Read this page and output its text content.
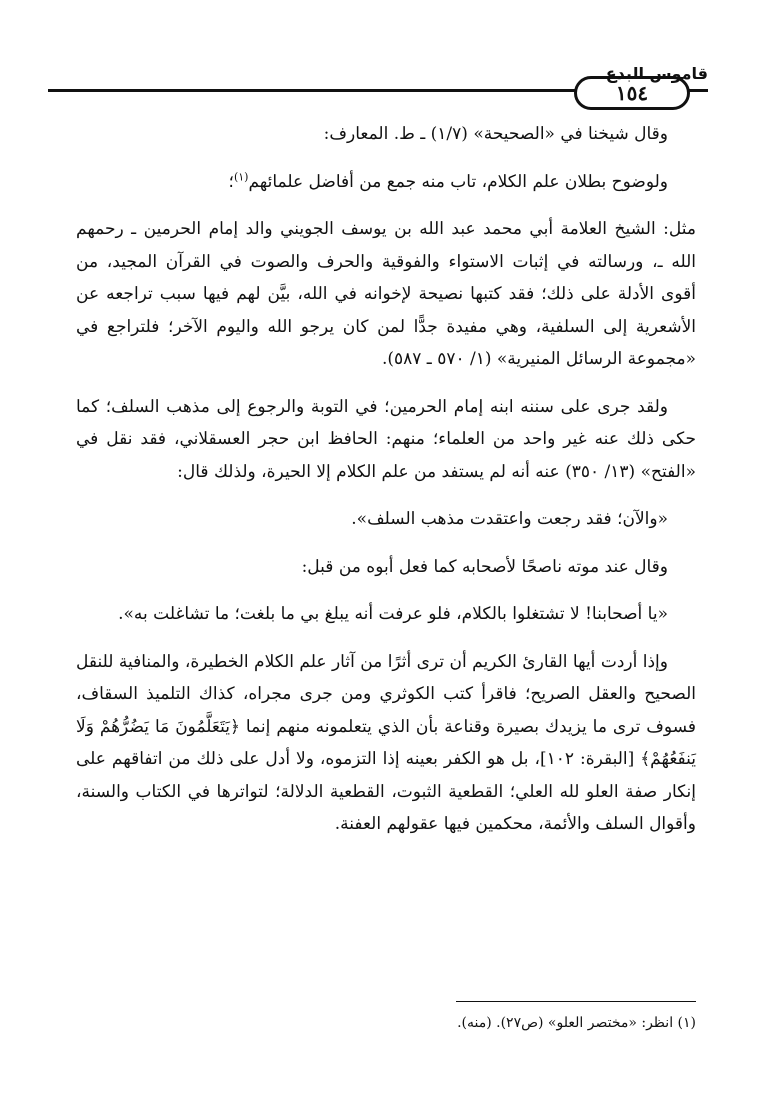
١٥٤
قاموس البدع

وقال شيخنا في «الصحيحة» (١/٧) ـ ط. المعارف:

ولوضوح بطلان علم الكلام، تاب منه جمع من أفاضل علمائهم$^{(١)}$؛

مثل: الشيخ العلامة أبي محمد عبد الله بن يوسف الجويني والد إمام الحرمين ـ رحمهم الله ـ، ورسالته في إثبات الاستواء والفوقية والحرف والصوت في القرآن المجيد، من أقوى الأدلة على ذلك؛ فقد كتبها نصيحة لإخوانه في الله، بيَّن لهم فيها سبب تراجعه عن الأشعرية إلى السلفية، وهي مفيدة جدًّا لمن كان يرجو الله واليوم الآخر؛ فلتراجع في «مجموعة الرسائل المنيرية» (١/ ٥٧٠ ـ ٥٨٧).

ولقد جرى على سننه ابنه إمام الحرمين؛ في التوبة والرجوع إلى مذهب السلف؛ كما حكى ذلك عنه غير واحد من العلماء؛ منهم: الحافظ ابن حجر العسقلاني، فقد نقل في «الفتح» (١٣/ ٣٥٠) عنه أنه لم يستفد من علم الكلام إلا الحيرة، ولذلك قال:

«والآن؛ فقد رجعت واعتقدت مذهب السلف».

وقال عند موته ناصحًا لأصحابه كما فعل أبوه من قبل:

«يا أصحابنا! لا تشتغلوا بالكلام، فلو عرفت أنه يبلغ بي ما بلغت؛ ما تشاغلت به».

وإذا أردت أيها القارئ الكريم أن ترى أثرًا من آثار علم الكلام الخطيرة، والمنافية للنقل الصحيح والعقل الصريح؛ فاقرأ كتب الكوثري ومن جرى مجراه، كذاك التلميذ السقاف، فسوف ترى ما يزيدك بصيرة وقناعة بأن الذي يتعلمونه منهم إنما ﴿يَتَعَلَّمُونَ مَا يَضُرُّهُمْ وَلَا يَنفَعُهُمْ﴾ [البقرة: ١٠٢]، بل هو الكفر بعينه إذا التزموه، ولا أدل على ذلك من اتفاقهم على إنكار صفة العلو لله العلي؛ القطعية الثبوت، القطعية الدلالة؛ لتواترها في الكتاب والسنة، وأقوال السلف والأئمة، محكمين فيها عقولهم العفنة.

(١) انظر: «مختصر العلو» (ص٢٧). (منه).
